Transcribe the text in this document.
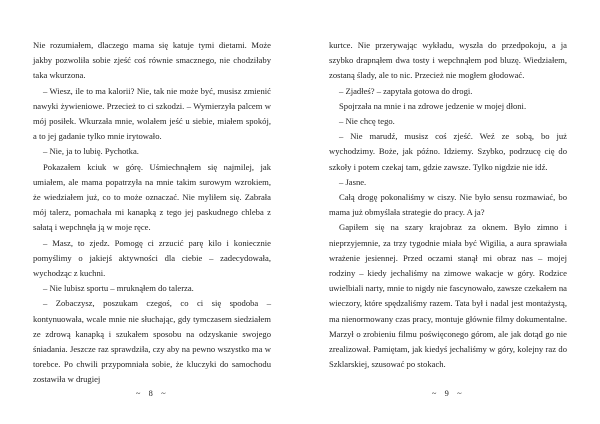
Nie rozumiałem, dlaczego mama się katuje tymi dietami. Może jakby pozwoliła sobie zjeść coś równie smacznego, nie chodziłaby taka wkurzona.

– Wiesz, ile to ma kalorii? Nie, tak nie może być, musisz zmienić nawyki żywieniowe. Przecież to ci szkodzi. – Wymierzyła palcem w mój posiłek. Wkurzała mnie, wolałem jeść u siebie, miałem spokój, a to jej gadanie tylko mnie irytowało.

– Nie, ja to lubię. Pychotka.

Pokazałem kciuk w górę. Uśmiechnąłem się najmilej, jak umiałem, ale mama popatrzyła na mnie takim surowym wzrokiem, że wiedziałem już, co to może oznaczać. Nie myliłem się. Zabrała mój talerz, pomachała mi kanapką z tego jej paskudnego chleba z sałatą i wepchnęła ją w moje ręce.

– Masz, to zjedz. Pomogę ci zrzucić parę kilo i koniecznie pomyślimy o jakiejś aktywności dla ciebie – zadecydowała, wychodząc z kuchni.

– Nie lubisz sportu – mruknąłem do talerza.

– Zobaczysz, poszukam czegoś, co ci się spodoba – kontynuowała, wcale mnie nie słuchając, gdy tymczasem siedziałem ze zdrową kanapką i szukałem sposobu na odzyskanie swojego śniadania. Jeszcze raz sprawdziła, czy aby na pewno wszystko ma w torebce. Po chwili przypomniała sobie, że kluczyki do samochodu zostawiła w drugiej

kurtce. Nie przerywając wykładu, wyszła do przedpokoju, a ja szybko drapnąłem dwa tosty i wepchnąłem pod bluzę. Wiedziałem, zostaną ślady, ale to nic. Przecież nie mogłem głodować.

– Zjadłeś? – zapytała gotowa do drogi.

Spojrzała na mnie i na zdrowe jedzenie w mojej dłoni.

– Nie chcę tego.

– Nie marudź, musisz coś zjeść. Weź ze sobą, bo już wychodzimy. Boże, jak późno. Idziemy. Szybko, podrzucę cię do szkoły i potem czekaj tam, gdzie zawsze. Tylko nigdzie nie idź.

– Jasne.

Całą drogę pokonaliśmy w ciszy. Nie było sensu rozmawiać, bo mama już obmyślała strategie do pracy. A ja?

Gapiłem się na szary krajobraz za oknem. Było zimno i nieprzyjemnie, za trzy tygodnie miała być Wigilia, a aura sprawiała wrażenie jesiennej. Przed oczami stanął mi obraz nas – mojej rodziny – kiedy jechaliśmy na zimowe wakacje w góry. Rodzice uwielbiali narty, mnie to nigdy nie fascynowało, zawsze czekałem na wieczory, które spędzaliśmy razem. Tata był i nadal jest montażystą, ma nienormowany czas pracy, montuje głównie filmy dokumentalne. Marzył o zrobieniu filmu poświęconego górom, ale jak dotąd go nie zrealizował. Pamiętam, jak kiedyś jechaliśmy w góry, kolejny raz do Szklarskiej, szusować po stokach.

~ 8 ~	~ 9 ~
